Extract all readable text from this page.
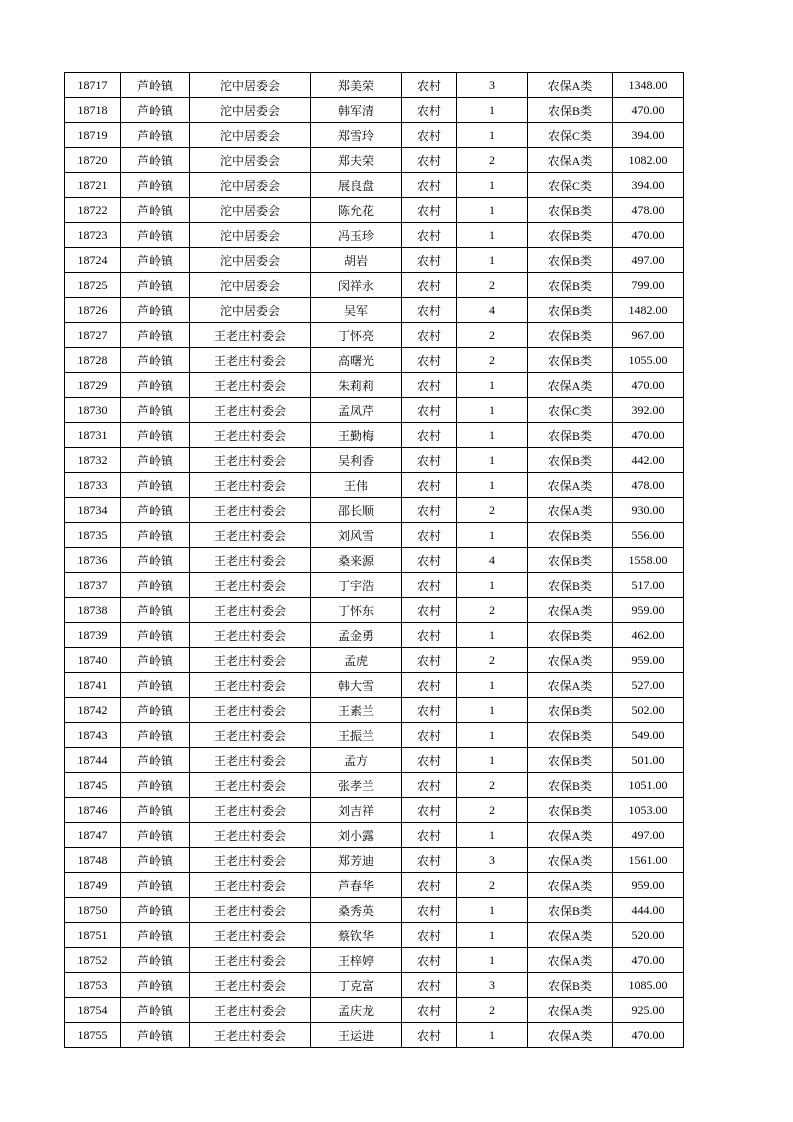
18717	芦岭镇	沱中居委会	郑美荣	农村	3	农保A类	1348.00
18718	芦岭镇	沱中居委会	韩军清	农村	1	农保B类	470.00
18719	芦岭镇	沱中居委会	郑雪玲	农村	1	农保C类	394.00
18720	芦岭镇	沱中居委会	郑夫荣	农村	2	农保A类	1082.00
18721	芦岭镇	沱中居委会	展良盘	农村	1	农保C类	394.00
18722	芦岭镇	沱中居委会	陈允花	农村	1	农保B类	478.00
18723	芦岭镇	沱中居委会	冯玉珍	农村	1	农保B类	470.00
18724	芦岭镇	沱中居委会	胡岩	农村	1	农保B类	497.00
18725	芦岭镇	沱中居委会	闵祥永	农村	2	农保B类	799.00
18726	芦岭镇	沱中居委会	吴军	农村	4	农保B类	1482.00
18727	芦岭镇	王老庄村委会	丁怀亮	农村	2	农保B类	967.00
18728	芦岭镇	王老庄村委会	高曙光	农村	2	农保B类	1055.00
18729	芦岭镇	王老庄村委会	朱莉莉	农村	1	农保A类	470.00
18730	芦岭镇	王老庄村委会	孟凤芹	农村	1	农保C类	392.00
18731	芦岭镇	王老庄村委会	王勤梅	农村	1	农保B类	470.00
18732	芦岭镇	王老庄村委会	吴利香	农村	1	农保B类	442.00
18733	芦岭镇	王老庄村委会	王伟	农村	1	农保A类	478.00
18734	芦岭镇	王老庄村委会	邵长顺	农村	2	农保A类	930.00
18735	芦岭镇	王老庄村委会	刘风雪	农村	1	农保B类	556.00
18736	芦岭镇	王老庄村委会	桑来源	农村	4	农保B类	1558.00
18737	芦岭镇	王老庄村委会	丁宇浩	农村	1	农保B类	517.00
18738	芦岭镇	王老庄村委会	丁怀东	农村	2	农保A类	959.00
18739	芦岭镇	王老庄村委会	孟金勇	农村	1	农保B类	462.00
18740	芦岭镇	王老庄村委会	孟虎	农村	2	农保A类	959.00
18741	芦岭镇	王老庄村委会	韩大雪	农村	1	农保A类	527.00
18742	芦岭镇	王老庄村委会	王素兰	农村	1	农保B类	502.00
18743	芦岭镇	王老庄村委会	王振兰	农村	1	农保B类	549.00
18744	芦岭镇	王老庄村委会	孟方	农村	1	农保B类	501.00
18745	芦岭镇	王老庄村委会	张孝兰	农村	2	农保B类	1051.00
18746	芦岭镇	王老庄村委会	刘吉祥	农村	2	农保B类	1053.00
18747	芦岭镇	王老庄村委会	刘小露	农村	1	农保A类	497.00
18748	芦岭镇	王老庄村委会	郑芳迪	农村	3	农保A类	1561.00
18749	芦岭镇	王老庄村委会	芦春华	农村	2	农保A类	959.00
18750	芦岭镇	王老庄村委会	桑秀英	农村	1	农保B类	444.00
18751	芦岭镇	王老庄村委会	蔡钦华	农村	1	农保A类	520.00
18752	芦岭镇	王老庄村委会	王梓婷	农村	1	农保A类	470.00
18753	芦岭镇	王老庄村委会	丁克富	农村	3	农保B类	1085.00
18754	芦岭镇	王老庄村委会	孟庆龙	农村	2	农保A类	925.00
18755	芦岭镇	王老庄村委会	王运进	农村	1	农保A类	470.00
